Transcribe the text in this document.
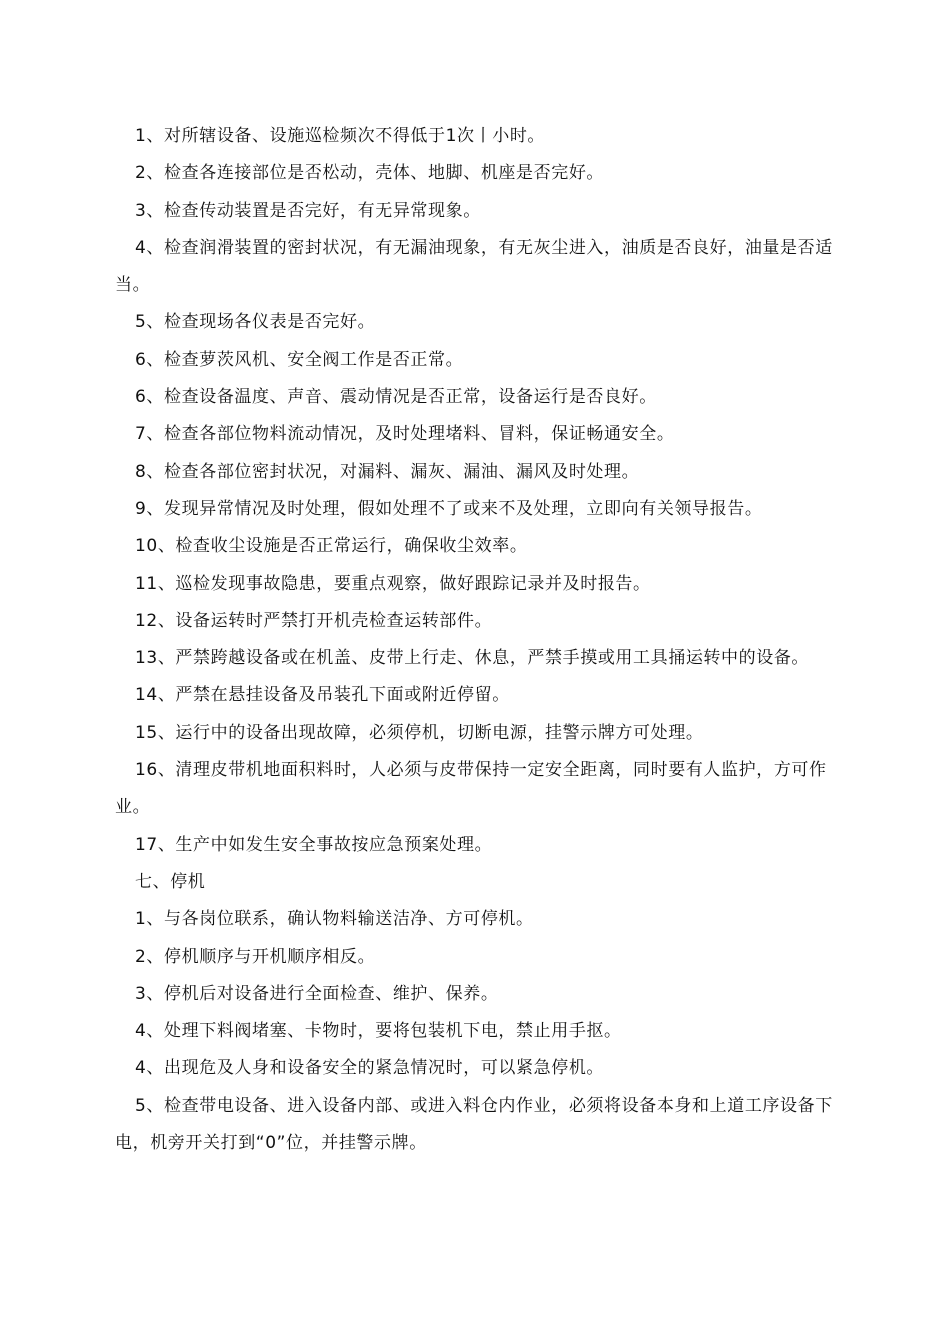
1、对所辖设备、设施巡检频次不得低于1次丨小时。

2、检查各连接部位是否松动，壳体、地脚、机座是否完好。

3、检查传动装置是否完好，有无异常现象。

4、检查润滑装置的密封状况，有无漏油现象，有无灰尘进入，油质是否良好，油量是否适当。

5、检查现场各仪表是否完好。

6、检查萝茨风机、安全阀工作是否正常。

6、检查设备温度、声音、震动情况是否正常，设备运行是否良好。

7、检查各部位物料流动情况，及时处理堵料、冒料，保证畅通安全。

8、检查各部位密封状况，对漏料、漏灰、漏油、漏风及时处理。

9、发现异常情况及时处理，假如处理不了或来不及处理，立即向有关领导报告。

10、检查收尘设施是否正常运行，确保收尘效率。

11、巡检发现事故隐患，要重点观察，做好跟踪记录并及时报告。

12、设备运转时严禁打开机壳检查运转部件。

13、严禁跨越设备或在机盖、皮带上行走、休息，严禁手摸或用工具捅运转中的设备。

14、严禁在悬挂设备及吊装孔下面或附近停留。

15、运行中的设备出现故障，必须停机，切断电源，挂警示牌方可处理。

16、清理皮带机地面积料时，人必须与皮带保持一定安全距离，同时要有人监护，方可作业。

17、生产中如发生安全事故按应急预案处理。

七、停机

1、与各岗位联系，确认物料输送洁净、方可停机。

2、停机顺序与开机顺序相反。

3、停机后对设备进行全面检查、维护、保养。

4、处理下料阀堵塞、卡物时，要将包装机下电，禁止用手抠。

4、出现危及人身和设备安全的紧急情况时，可以紧急停机。

5、检查带电设备、进入设备内部、或进入料仓内作业，必须将设备本身和上道工序设备下电，机旁开关打到“0”位，并挂警示牌。
